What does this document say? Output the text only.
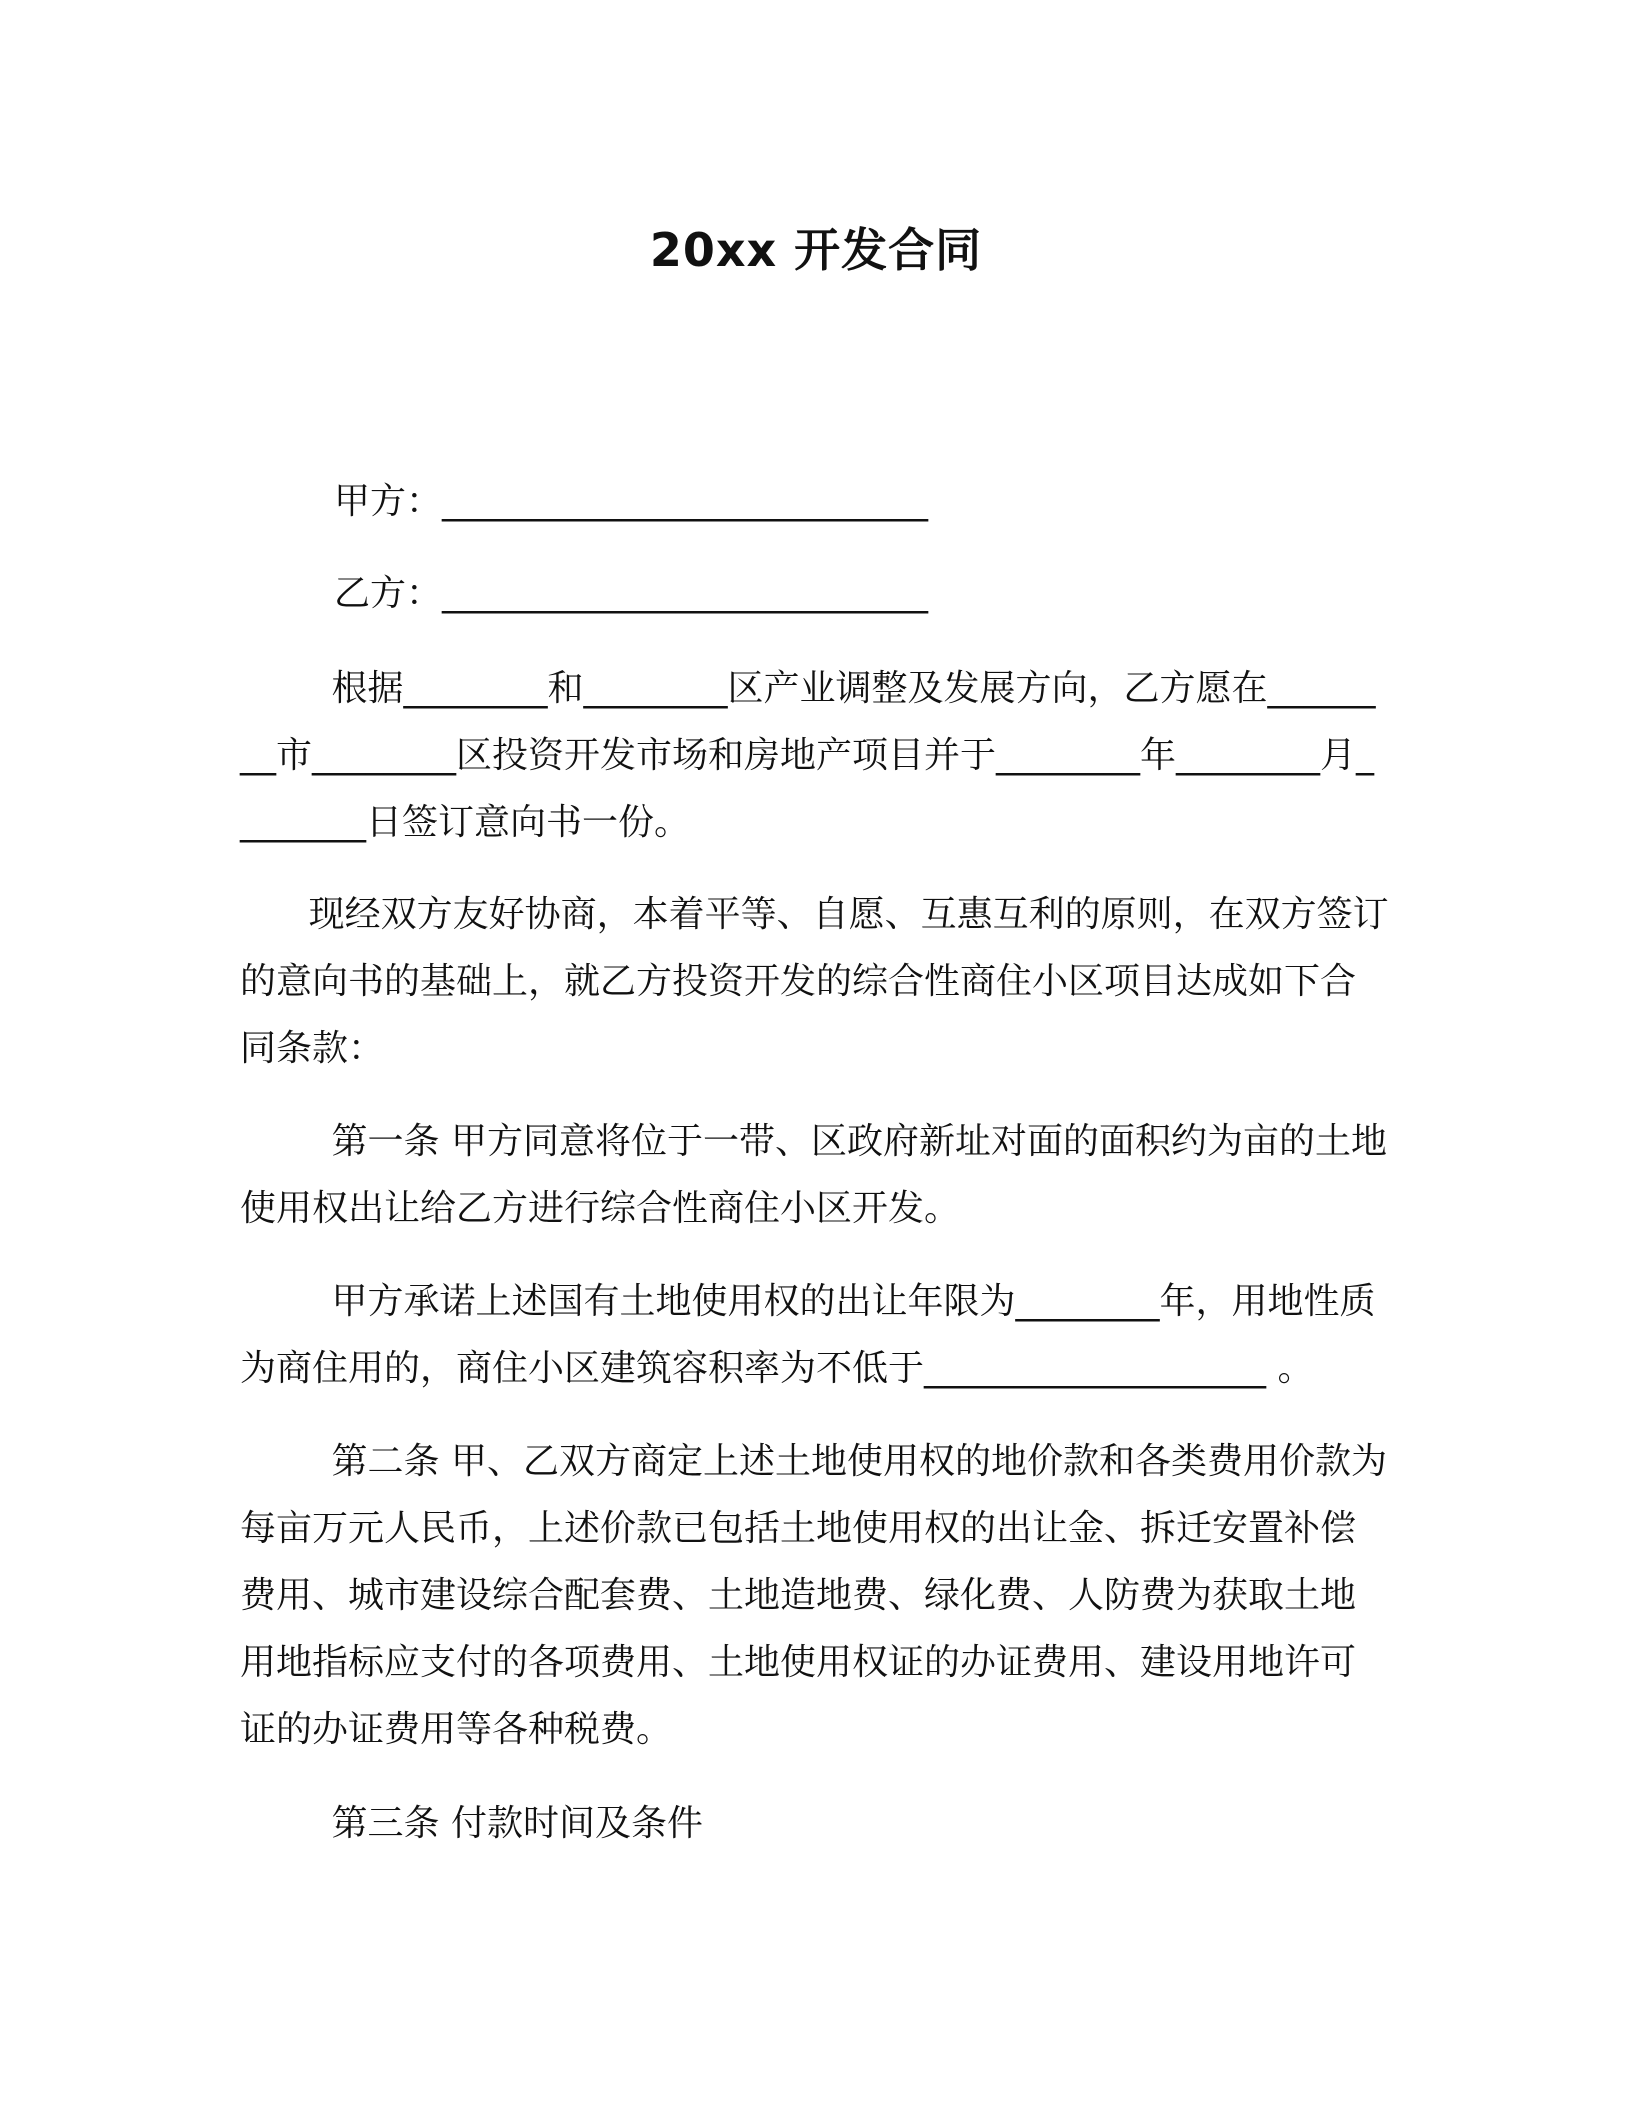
20xx 开发合同
甲方：___________________________
乙方：___________________________
根据________和________区产业调整及发展方向，乙方愿在________市________区投资开发市场和房地产项目并于________年________月________日签订意向书一份。
现经双方友好协商，本着平等、自愿、互惠互利的原则，在双方签订的意向书的基础上，就乙方投资开发的综合性商住小区项目达成如下合同条款：
第一条 甲方同意将位于一带、区政府新址对面的面积约为亩的土地使用权出让给乙方进行综合性商住小区开发。
甲方承诺上述国有土地使用权的出让年限为________年，用地性质为商住用的，商住小区建筑容积率为不低于___________________ 。
第二条 甲、乙双方商定上述土地使用权的地价款和各类费用价款为每亩万元人民币，上述价款已包括土地使用权的出让金、拆迁安置补偿费用、城市建设综合配套费、土地造地费、绿化费、人防费为获取土地用地指标应支付的各项费用、土地使用权证的办证费用、建设用地许可证的办证费用等各种税费。
第三条 付款时间及条件
